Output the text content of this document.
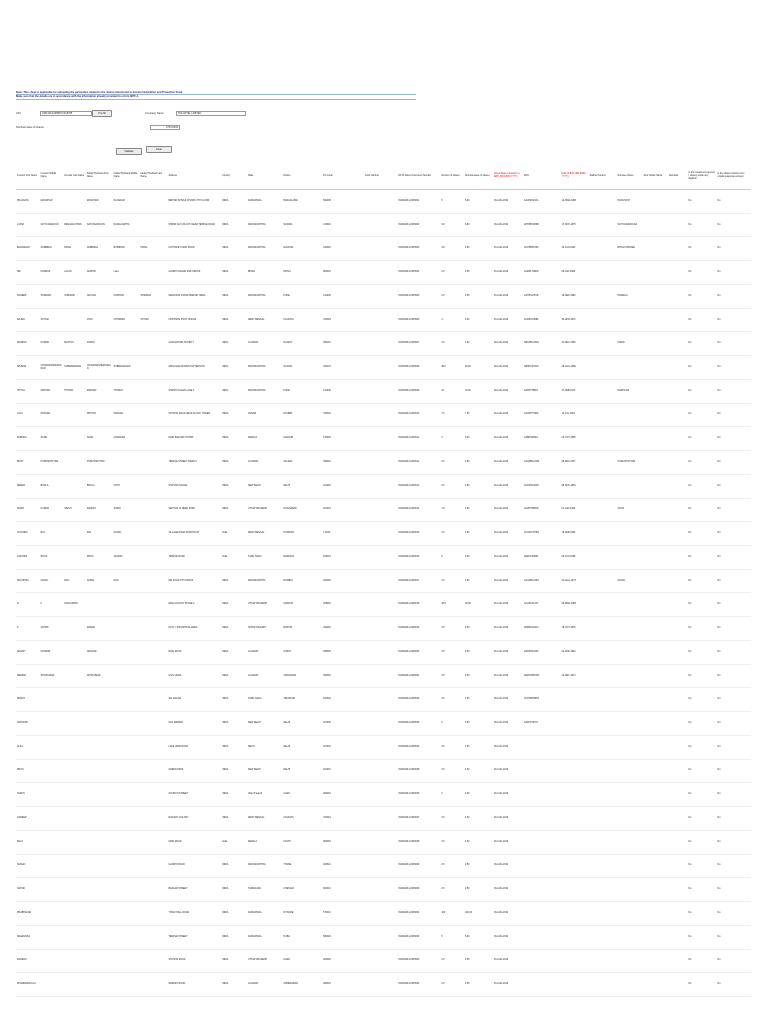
Note: This sheet is applicable for uploading the particulars related to the shares transferred to Investor Education and Protection Fund.
Make sure that the details are in accordance with the information already provided in e-form IEPF-4.
CIN	L85110KA1995PLC018765	Pre-fill	Company Name	SOLICITEL LIMITED
Nominal value of shares	2761.6634
Validate
Clear
Investor First Name	Investor Middle Name	Investor Last Name	Father/Husband First Name	Father/Husband Middle Name	Father/Husband Last Name	Address	Country	State	District	Pin Code	Folio Number	DP Id-Client Id-Account Number	Number of shares	Nominal value of shares	Actual Date of transfer to IEPF (DD-MON-YYYY)	PAN	Date of Birth (DD-MON-YYYY)	Aadhar Number	Nominee Name	Joint Holder Name	Remarks	Is the Investment (amount / shares) under any litigation	Is the shares transfer from unpaid suspense account
PRAJAKTA	MANOHAR		MANOHAR	RAJARAM		BEHIND SHIVAJI CHOWK 4TH FLOOR	INDIA	KARNATAKA	BANGALORE	560038		IN300239-12345001	5	5.00	26-AUG-2022	AAJPM1234A	12-MAR-1968		PRASHANT			No	No
LAXMI	SATYANARAYAN	RENGANATHAN	SATYANARAYAN	RANGANATHA		SHIRDI SAI COLONY NEAR TEMPLE ROAD	INDIA	MAHARASHTRA	SATARA	415002		IN300239-12345002	6.8	6.80	26-AUG-2022	AHHPR3456B	17-NOV-1975		SATYANARAYANA			No	No
BALRAMAN	SUBBIRAL	PATEL	SUBBIRAL	BHIMBHAI	PATEL	KOTHAPET MAIN ROAD	INDIA	MAHARASHTRA	NAGPUR	440010		IN300239-12345003	4.8	4.80	26-AUG-2022	ACHPB5678C	22-JUN-1962		BHAGYASHREE			No	No
SRI	NANDINI	LALAN	SUDHIR	LALL		GANDHI NAGAR 2ND CROSS	INDIA	BIHAR	PATNA	800001		IN300239-12345004	2.5	2.50	26-AUG-2022	AGRPL7890D	05-JAN-1980					No	No
SUDEEP	SHRIDAR	SHRIDAR	NAYANA	KRISHNA	SHRIDAR	NEAR BUS STAND MARKET AREA	INDIA	MAHARASHTRA	PUNE	411005		IN300239-12345005	2.5	2.50	26-AUG-2022	AAHPS1357E	19-SEP-1983		PRAMILA			No	No
RAJMA	SHYAM		VIJAY	CHHABRA	SHYAM	OPPOSITE POST OFFICE	INDIA	WEST BENGAL	KOLKATA	700019		IN300239-12345006	3	3.00	26-AUG-2022	ACRPC2468F	30-APR-1970					No	No
SURESH	KUMAR	MATTOO	ASHOK			GOKULDHAM SOCIETY	INDIA	GUJARAT	RAJKOT	360001		IN300239-12345007	2.5	2.50	26-AUG-2022	ABGPM1122G	11-DEC-1966		KIRAN			No	No
SHIBANI	CHANDRASHEKHARAN	SUBRAMANIAN	CHANDRASHEKHARAN	SUBRAMANIAN		ANNA NAGAR WEST EXTENSION	INDIA	MAHARASHTRA	SATARA	400047		IN300239-12345008	49.6	49.60	26-AUG-2022	ABSPC3344H	08-AUG-1959					No	No
VITHAL	MADHAV	THORAT	MADHAV	THORAT		SHANTI NAGAR LANE 4	INDIA	MAHARASHTRA	PUNE	411038		IN300239-12345009	10	10.00	26-AUG-2022	AAKPT5566J	27-FEB-1972		MADHURA			No	No
LALU	PRASAD		PRITHVI	PRASAD		STATION ROAD NEAR CLOCK TOWER	INDIA	ASSAM	DHUBRI	783301		IN300239-12345010	7.5	7.50	26-AUG-2022	AAUPP7788K	14-JUL-1964					No	No
PADMINI	SUNIL		SUNIL	CHANDRA		MAIN BAZAAR CHOWK	INDIA	KERALA	KANNUR	670002		IN300239-12345011	3	3.00	26-AUG-2022	AABPS9900L	03-OCT-1985					No	No
BIJOY	PURUSHOTTAM		PURUSHOTTAM			TEMPLE STREET WARD 6	INDIA	GUJARAT	VALSAD	396001		IN300239-12345012	2.5	2.50	26-AUG-2022	AAQPB1212M	25-MAY-1977		PURUSHOTTAM			No	No
SEEMA	BHOLA		BHOLA	NATH		SHASTRI NAGAR	INDIA	NEW DELHI	DELHI	110052		IN300239-12345013	2.5	2.50	26-AUG-2022	ACDPS3434N	09-NOV-1981					No	No
SUMIT	KUMAR	SINGH	RAJESH	SINGH		SECTOR 12 NEAR PARK	INDIA	UTTAR PRADESH	GHAZIABAD	201001		IN300239-12345014	1.8	1.80	26-AUG-2022	AUZPS5656P	01-JAN-1990		ANITA			No	No
GOVINDA	RAJ		RAJ	GOPAL		VILLAGE ROAD PANCHAYAT	India	WEST BENGAL	HOWRAH	711101		IN300239-12345015	2.5	2.50	26-AUG-2022	ACVPG7878Q	18-FEB-1969					No	No
LAKSHMI	PRIYA		PRIYA	VENKAT		TEMPLE ROAD	India	TAMIL NADU	MADURAI	625001		IN300239-12345016	5	5.00	26-AUG-2022	AEFPL9090R	06-JUN-1988					No	No
SUCHITRA	GOPAL	RAO	GOPAL	RAO		MG ROAD 5TH CROSS	INDIA	MAHARASHTRA	MUMBAI	400020		IN300239-12345017	2.5	2.50	26-AUG-2022	AAGPR1010S	21-AUG-1973		GOPAL			No	No
R	K	SIVAKUMAR				NEW COLONY PHASE 2	INDIA	UTTAR PRADESH	KANPUR	208001		IN300239-12345018	18.9	18.90	26-AUG-2022	ACAPK2121T	29-MAR-1958					No	No
P	ASHOK		RAMAN			PLOT 7 INDUSTRIAL AREA	INDIA	CHHATTISGARH	RAIPUR	492001		IN300239-12345019	2.5	2.50	26-AUG-2022	ADBPA3232U	15-OCT-1976					No	No
NILESH	NATWAR		NATWAR			RING ROAD	INDIA	GUJARAT	SURAT	395002		IN300239-12345020	2.5	2.50	26-AUG-2022	AADPN4343V	04-APR-1984					No	No
DEEPAK	SHIVKUMAR		SHIVKUMAR			CIVIL LINES	INDIA	GUJARAT	VADODARA	390001		IN300239-12345021	2.5	2.50	26-AUG-2022	AEFPD5454W	12-DEC-1971					No	No
MANOJ						SAI NAGAR	INDIA	TAMIL NADU	TIRUPPUR	641602		IN300239-12345022	2.5	2.50	26-AUG-2022	ACHPM6565X						No	No
SUBHASH						OLD MARKET	INDIA	NEW DELHI	DELHI	110006		IN300239-12345023	5	5.00	26-AUG-2022	AAFPS7676Y						No	No
ALKA						LAKE VIEW ROAD	INDIA	DELHI	DELHI	110032		IN300239-12345024	2.5	2.50	26-AUG-2022							No	No
PRIYA						GREEN PARK	INDIA	NEW DELHI	DELHI	110016		IN300239-12345025	2.5	2.50	26-AUG-2022							No	No
TARUN						CHURCH STREET	INDIA	Uttar Pradesh	AGRA	282001		IN300239-12345026	2	2.00	26-AUG-2022							No	No
JAIDEEP						RAILWAY COLONY	INDIA	WEST BENGAL	KOLKATA	700012		IN300239-12345027	2.5	2.50	26-AUG-2022							No	No
BALU						MAIN ROAD	India	KERALA	KOCHI	682016		IN300239-12345028	2.5	2.50	26-AUG-2022							No	No
SUMAN						GANDHI ROAD	INDIA	MAHARASHTRA	THANE	400601		IN300239-12345029	2.5	2.50	26-AUG-2022							No	No
ASHOK						BAZAAR STREET	INDIA	TAMILNADU	CHENNAI	600001		IN300239-12345030	2.5	2.50	26-AUG-2022							No	No
PRABHAKAR						TOWN HALL ROAD	INDIA	KARNATAKA	MYSORE	570001		IN300239-12345031	100	100.00	26-AUG-2022							No	No
SREENIVAS						TEMPLE STREET	INDIA	KARNATAKA	HUBLI	580020		IN300239-12345032	5	5.00	26-AUG-2022							No	No
SURESH						STATION ROAD	INDIA	UTTAR PRADESH	AGRA	282002		IN300239-12345033	2.5	2.50	26-AUG-2022							No	No
DHARMARAJULU						MARKET ROAD	INDIA	GUJARAT	AHMEDABAD	380001		IN300239-12345034	2.5	2.50	26-AUG-2022							No	No
